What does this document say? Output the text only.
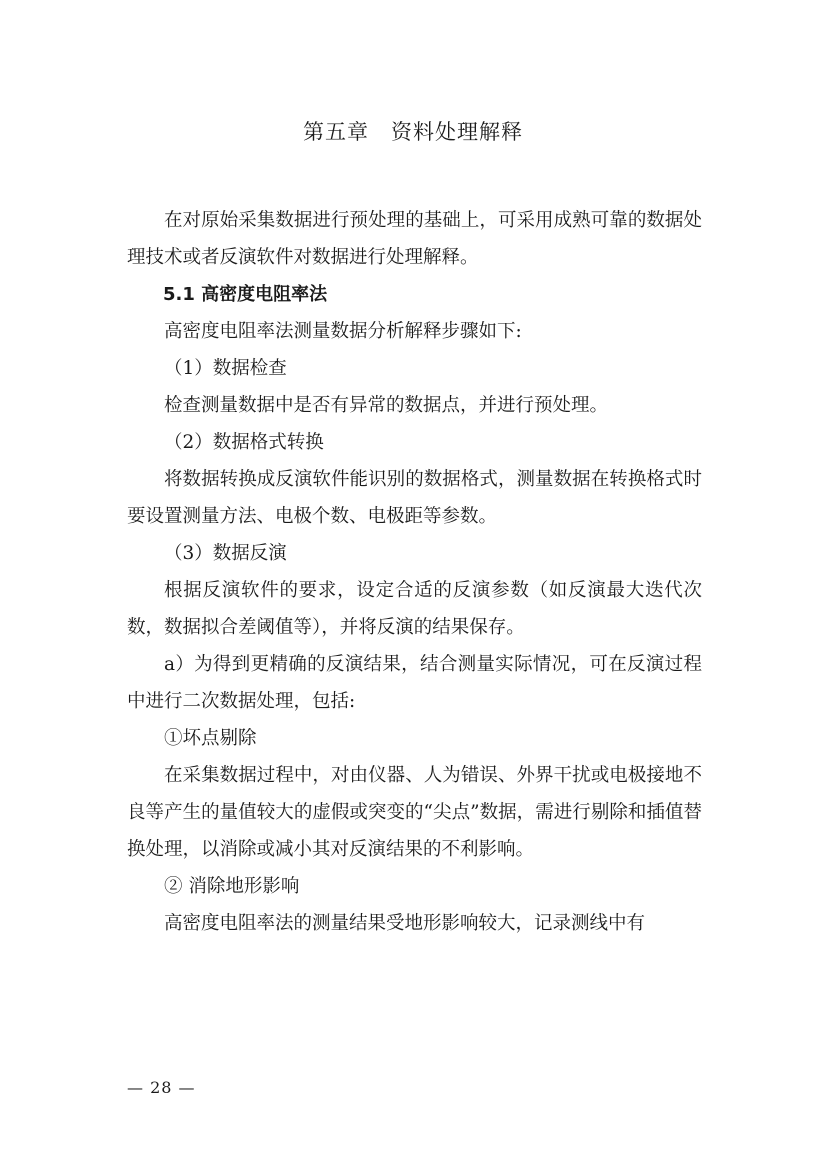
第五章　资料处理解释

在对原始采集数据进行预处理的基础上，可采用成熟可靠的数据处理技术或者反演软件对数据进行处理解释。

5.1 高密度电阻率法

高密度电阻率法测量数据分析解释步骤如下:

（1）数据检查

检查测量数据中是否有异常的数据点，并进行预处理。

（2）数据格式转换

将数据转换成反演软件能识别的数据格式，测量数据在转换格式时要设置测量方法、电极个数、电极距等参数。

（3）数据反演

根据反演软件的要求，设定合适的反演参数（如反演最大迭代次数，数据拟合差阈值等），并将反演的结果保存。

a）为得到更精确的反演结果，结合测量实际情况，可在反演过程中进行二次数据处理，包括:

①坏点剔除

在采集数据过程中，对由仪器、人为错误、外界干扰或电极接地不良等产生的量值较大的虚假或突变的“尖点”数据，需进行剔除和插值替换处理，以消除或减小其对反演结果的不利影响。

② 消除地形影响

高密度电阻率法的测量结果受地形影响较大，记录测线中有

— 28 —
